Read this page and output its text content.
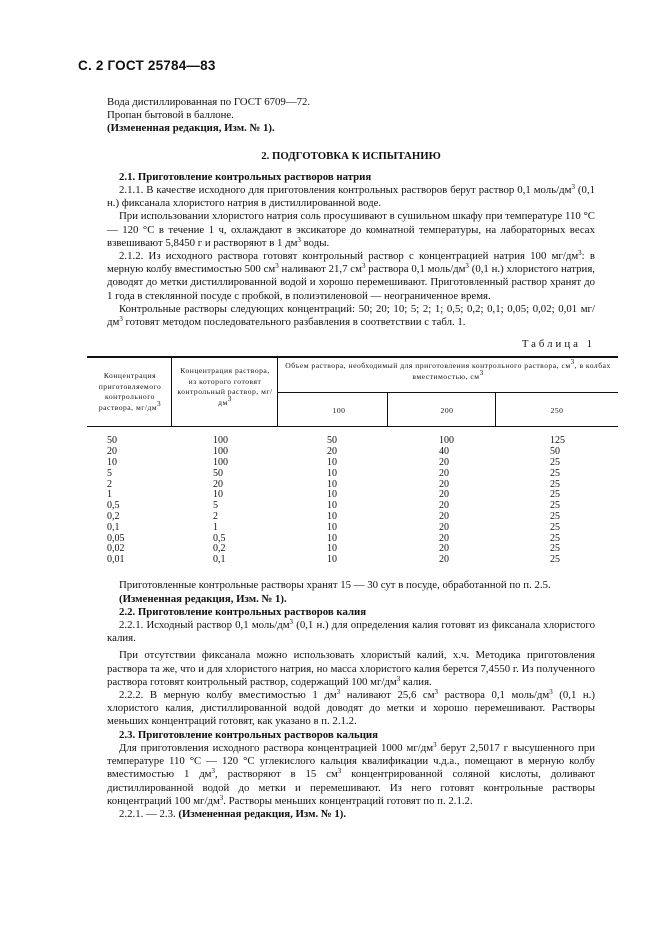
С. 2 ГОСТ 25784—83

Вода дистиллированная по ГОСТ 6709—72.

Пропан бытовой в баллоне.

(Измененная редакция, Изм. № 1).

2. ПОДГОТОВКА К ИСПЫТАНИЮ

2.1. Приготовление контрольных растворов натрия

2.1.1. В качестве исходного для приготовления контрольных растворов берут раствор 0,1 моль/$дм^3$ (0,1 н.) фиксанала хлористого натрия в дистиллированной воде.

При использовании хлористого натрия соль просушивают в сушильном шкафу при температуре 110 °С — 120 °С в течение 1 ч, охлаждают в эксикаторе до комнатной температуры, на лабораторных весах взвешивают 5,8450 г и растворяют в 1 $дм^3$ воды.

2.1.2. Из исходного раствора готовят контрольный раствор с концентрацией натрия 100 $мг/дм^3$: в мерную колбу вместимостью 500 $см^3$ наливают 21,7 $см^3$ раствора 0,1 моль/$дм^3$ (0,1 н.) хлористого натрия, доводят до метки дистиллированной водой и хорошо перемешивают. Приготовленный раствор хранят до 1 года в стеклянной посуде с пробкой, в полиэтиленовой — неограниченное время.

Контрольные растворы следующих концентраций: 50; 20; 10; 5; 2; 1; 0,5; 0,2; 0,1; 0,05; 0,02; 0,01 $мг/дм^3$ готовят методом последовательного разбавления в соответствии с табл. 1.

Таблица 1

Концентрация приготовляемого контрольного раствора, $мг/дм^3$
Концентрация раствора, из которого готовят контрольный раствор, $мг/дм^3$
Объем раствора, необходимый для приготовления контрольного раствора, $см^3$, в колбах вместимостью, $см^3$
100	200	250
50
20
10
5
2
1
0,5
0,2
0,1
0,05
0,02
0,01
100
100
100
50
20
10
5
2
1
0,5
0,2
0,1
50
20
10
10
10
10
10
10
10
10
10
10
100
40
20
20
20
20
20
20
20
20
20
20
125
50
25
25
25
25
25
25
25
25
25
25

Приготовленные контрольные растворы хранят 15 — 30 сут в посуде, обработанной по п. 2.5.

(Измененная редакция, Изм. № 1).

2.2. Приготовление контрольных растворов калия

2.2.1. Исходный раствор 0,1 моль/$дм^3$ (0,1 н.) для определения калия готовят из фиксанала хлористого калия.

При отсутствии фиксанала можно использовать хлористый калий, х.ч. Методика приготовления раствора та же, что и для хлористого натрия, но масса хлористого калия берется 7,4550 г. Из полученного раствора готовят контрольный раствор, содержащий 100 $мг/дм^3$ калия.

2.2.2. В мерную колбу вместимостью 1 $дм^3$ наливают 25,6 $см^3$ раствора 0,1 моль/$дм^3$ (0,1 н.) хлористого калия, дистиллированной водой доводят до метки и хорошо перемешивают. Растворы меньших концентраций готовят, как указано в п. 2.1.2.

2.3. Приготовление контрольных растворов кальция

Для приготовления исходного раствора концентрацией 1000 $мг/дм^3$ берут 2,5017 г высушенного при температуре 110 °С — 120 °С углекислого кальция квалификации ч.д.а., помещают в мерную колбу вместимостью 1 $дм^3$, растворяют в 15 $см^3$ концентрированной соляной кислоты, доливают дистиллированной водой до метки и перемешивают. Из него готовят контрольные растворы концентраций 100 $мг/дм^3$. Растворы меньших концентраций готовят по п. 2.1.2.

2.2.1. — 2.3. (Измененная редакция, Изм. № 1).
